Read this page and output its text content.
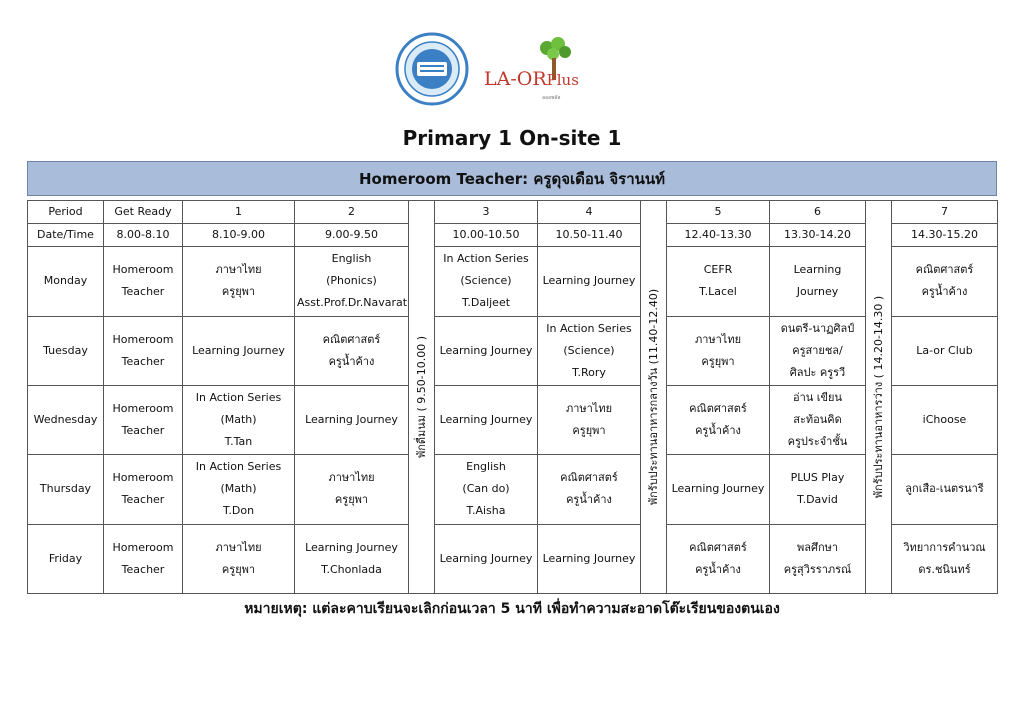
LA-ORPlus
ลออพลัส
Primary 1 On-site 1
Homeroom Teacher: ครูดุจเดือน จิรานนท์
Period	Get Ready	1	2	พักดื่มนม ( 9.50-10.00 )	3	4	พักรับประทานอาหารกลางวัน (11.40-12.40)	5	6	พักรับประทานอาหารว่าง ( 14.20-14.30 )	7
Date/Time	8.00-8.10	8.10-9.00	9.00-9.50		10.00-10.50	10.50-11.40		12.40-13.30	13.30-14.20		14.30-15.20
Monday	Homeroom
Teacher	ภาษาไทย
ครูยุพา	English
(Phonics)
Asst.Prof.Dr.Navarat		In Action Series
(Science)
T.Daljeet	Learning Journey		CEFR
T.Lacel	Learning
Journey		คณิตศาสตร์
ครูน้ำค้าง

Tuesday	Homeroom
Teacher	Learning Journey	คณิตศาสตร์
ครูน้ำค้าง		Learning Journey	In Action Series
(Science)
T.Rory		ภาษาไทย
ครูยุพา	ดนตรี-นาฏศิลป์
ครูสายชล/
ศิลปะ ครูรวี		La-or Club

Wednesday	Homeroom
Teacher	In Action Series
(Math)
T.Tan	Learning Journey		Learning Journey	ภาษาไทย
ครูยุพา		คณิตศาสตร์
ครูน้ำค้าง	อ่าน เขียน
สะท้อนคิด
ครูประจำชั้น		iChoose

Thursday	Homeroom
Teacher	In Action Series
(Math)
T.Don	ภาษาไทย
ครูยุพา		English
(Can do)
T.Aisha	คณิตศาสตร์
ครูน้ำค้าง		Learning Journey	PLUS Play
T.David		ลูกเสือ-เนตรนารี

Friday	Homeroom
Teacher	ภาษาไทย
ครูยุพา	Learning Journey
T.Chonlada		Learning Journey	Learning Journey		คณิตศาสตร์
ครูน้ำค้าง	พลศึกษา
ครูสุวิรราภรณ์		วิทยาการคำนวณ
ดร.ชนินทร์
หมายเหตุ: แต่ละคาบเรียนจะเลิกก่อนเวลา 5 นาที เพื่อทำความสะอาดโต๊ะเรียนของตนเอง
